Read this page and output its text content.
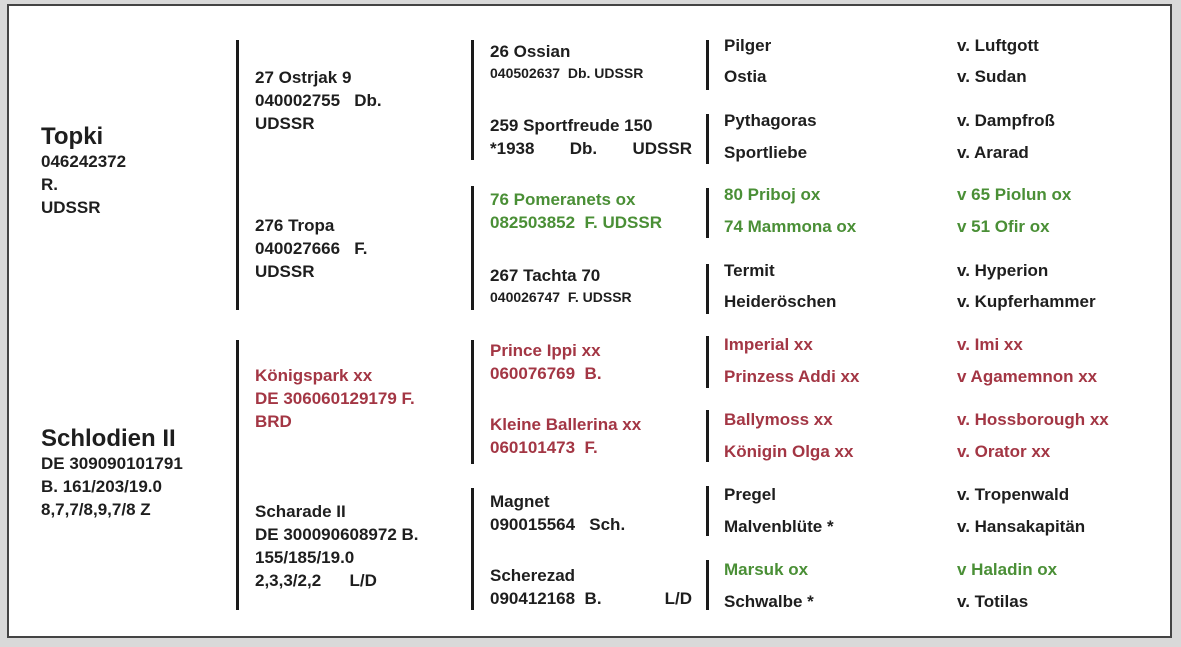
Topki
046242372
R.
UDSSR
Schlodien II
DE 309090101791
B. 161/203/19.0
8,7,7/8,9,7/8 Z
27 Ostrjak 9
040002755 Db.
UDSSR
276 Tropa
040027666 F.
UDSSR
Königspark xx
DE 306060129179 F.
BRD
Scharade II
DE 300090608972 B.
155/185/19.0
2,3,3/2,2 L/D
26 Ossian
040502637 Db. UDSSR
259 Sportfreude 150
*1938 Db. UDSSR
76 Pomeranets ox
082503852 F. UDSSR
267 Tachta 70
040026747 F. UDSSR
Prince Ippi xx
060076769 B.
Kleine Ballerina xx
060101473 F.
Magnet
090015564 Sch.
Scherezad
090412168 B.	L/D
Pilger	v. Luftgott
Ostia	v. Sudan
Pythagoras	v. Dampfroß
Sportliebe	v. Ararad
80 Priboj ox	v 65 Piolun ox
74 Mammona ox	v 51 Ofir ox
Termit	v. Hyperion
Heideröschen	v. Kupferhammer
Imperial xx	v. Imi xx
Prinzess Addi xx	v Agamemnon xx
Ballymoss xx	v. Hossborough xx
Königin Olga xx	v. Orator xx
Pregel	v. Tropenwald
Malvenblüte *	v. Hansakapitän
Marsuk ox	v Haladin ox
Schwalbe *	v. Totilas
